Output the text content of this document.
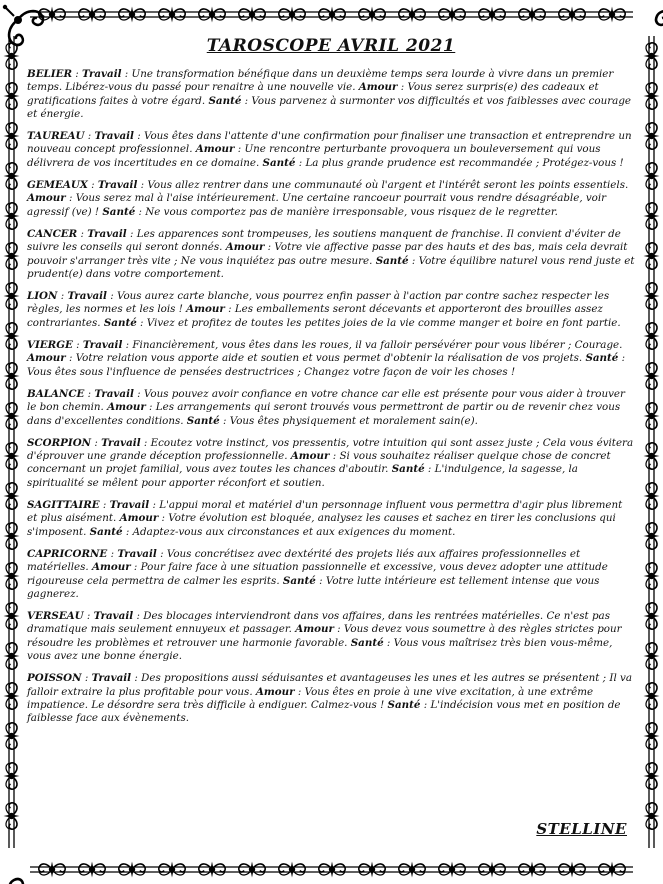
TAROSCOPE AVRIL 2021
BELIER : Travail : Une transformation bénéfique dans un deuxième temps sera lourde à vivre dans un premier temps. Libérez-vous du passé pour renaitre à une nouvelle vie. Amour : Vous serez surpris(e) des cadeaux et gratifications faites à votre égard. Santé : Vous parvenez à surmonter vos difficultés et vos faiblesses avec courage et énergie.
TAUREAU : Travail : Vous êtes dans l'attente d'une confirmation pour finaliser une transaction et entreprendre un nouveau concept professionnel. Amour : Une rencontre perturbante provoquera un bouleversement qui vous délivrera de vos incertitudes en ce domaine. Santé : La plus grande prudence est recommandée ; Protégez-vous !
GEMEAUX : Travail : Vous allez rentrer dans une communauté où l'argent et l'intérêt seront les points essentiels. Amour : Vous serez mal à l'aise intérieurement. Une certaine rancoeur pourrait vous rendre désagréable, voir agressif (ve) ! Santé : Ne vous comportez pas de manière irresponsable, vous risquez de le regretter.
CANCER : Travail : Les apparences sont trompeuses, les soutiens manquent de franchise. Il convient d'éviter de suivre les conseils qui seront donnés. Amour : Votre vie affective passe par des hauts et des bas, mais cela devrait pouvoir s'arranger très vite ; Ne vous inquiétez pas outre mesure. Santé : Votre équilibre naturel vous rend juste et prudent(e) dans votre comportement.
LION : Travail : Vous aurez carte blanche, vous pourrez enfin passer à l'action par contre sachez respecter les règles, les normes et les lois ! Amour : Les emballements seront décevants et apporteront des brouilles assez contrariantes. Santé : Vivez et profitez de toutes les petites joies de la vie comme manger et boire en font partie.
VIERGE : Travail : Financièrement, vous êtes dans les roues, il va falloir persévérer pour vous libérer ; Courage. Amour : Votre relation vous apporte aide et soutien et vous permet d'obtenir la réalisation de vos projets. Santé : Vous êtes sous l'influence de pensées destructrices ; Changez votre façon de voir les choses !
BALANCE : Travail : Vous pouvez avoir confiance en votre chance car elle est présente pour vous aider à trouver le bon chemin. Amour : Les arrangements qui seront trouvés vous permettront de partir ou de revenir chez vous dans d'excellentes conditions. Santé : Vous êtes physiquement et moralement sain(e).
SCORPION : Travail : Ecoutez votre instinct, vos pressentis, votre intuition qui sont assez juste ; Cela vous évitera d'éprouver une grande déception professionnelle. Amour : Si vous souhaitez réaliser quelque chose de concret concernant un projet familial, vous avez toutes les chances d'aboutir. Santé : L'indulgence, la sagesse, la spiritualité se mêlent pour apporter réconfort et soutien.
SAGITTAIRE : Travail : L'appui moral et matériel d'un personnage influent vous permettra d'agir plus librement et plus aisément. Amour : Votre évolution est bloquée, analysez les causes et sachez en tirer les conclusions qui s'imposent. Santé : Adaptez-vous aux circonstances et aux exigences du moment.
CAPRICORNE : Travail : Vous concrétisez avec dextérité des projets liés aux affaires professionnelles et matérielles. Amour : Pour faire face à une situation passionnelle et excessive, vous devez adopter une attitude rigoureuse cela permettra de calmer les esprits. Santé : Votre lutte intérieure est tellement intense que vous gagnerez.
VERSEAU : Travail : Des blocages interviendront dans vos affaires, dans les rentrées matérielles. Ce n'est pas dramatique mais seulement ennuyeux et passager. Amour : Vous devez vous soumettre à des règles strictes pour résoudre les problèmes et retrouver une harmonie favorable. Santé : Vous vous maîtrisez très bien vous-même, vous avez une bonne énergie.
POISSON : Travail : Des propositions aussi séduisantes et avantageuses les unes et les autres se présentent ; Il va falloir extraire la plus profitable pour vous. Amour : Vous êtes en proie à une vive excitation, à une extrême impatience. Le désordre sera très difficile à endiguer. Calmez-vous ! Santé : L'indécision vous met en position de faiblesse face aux évènements.
STELLINE
